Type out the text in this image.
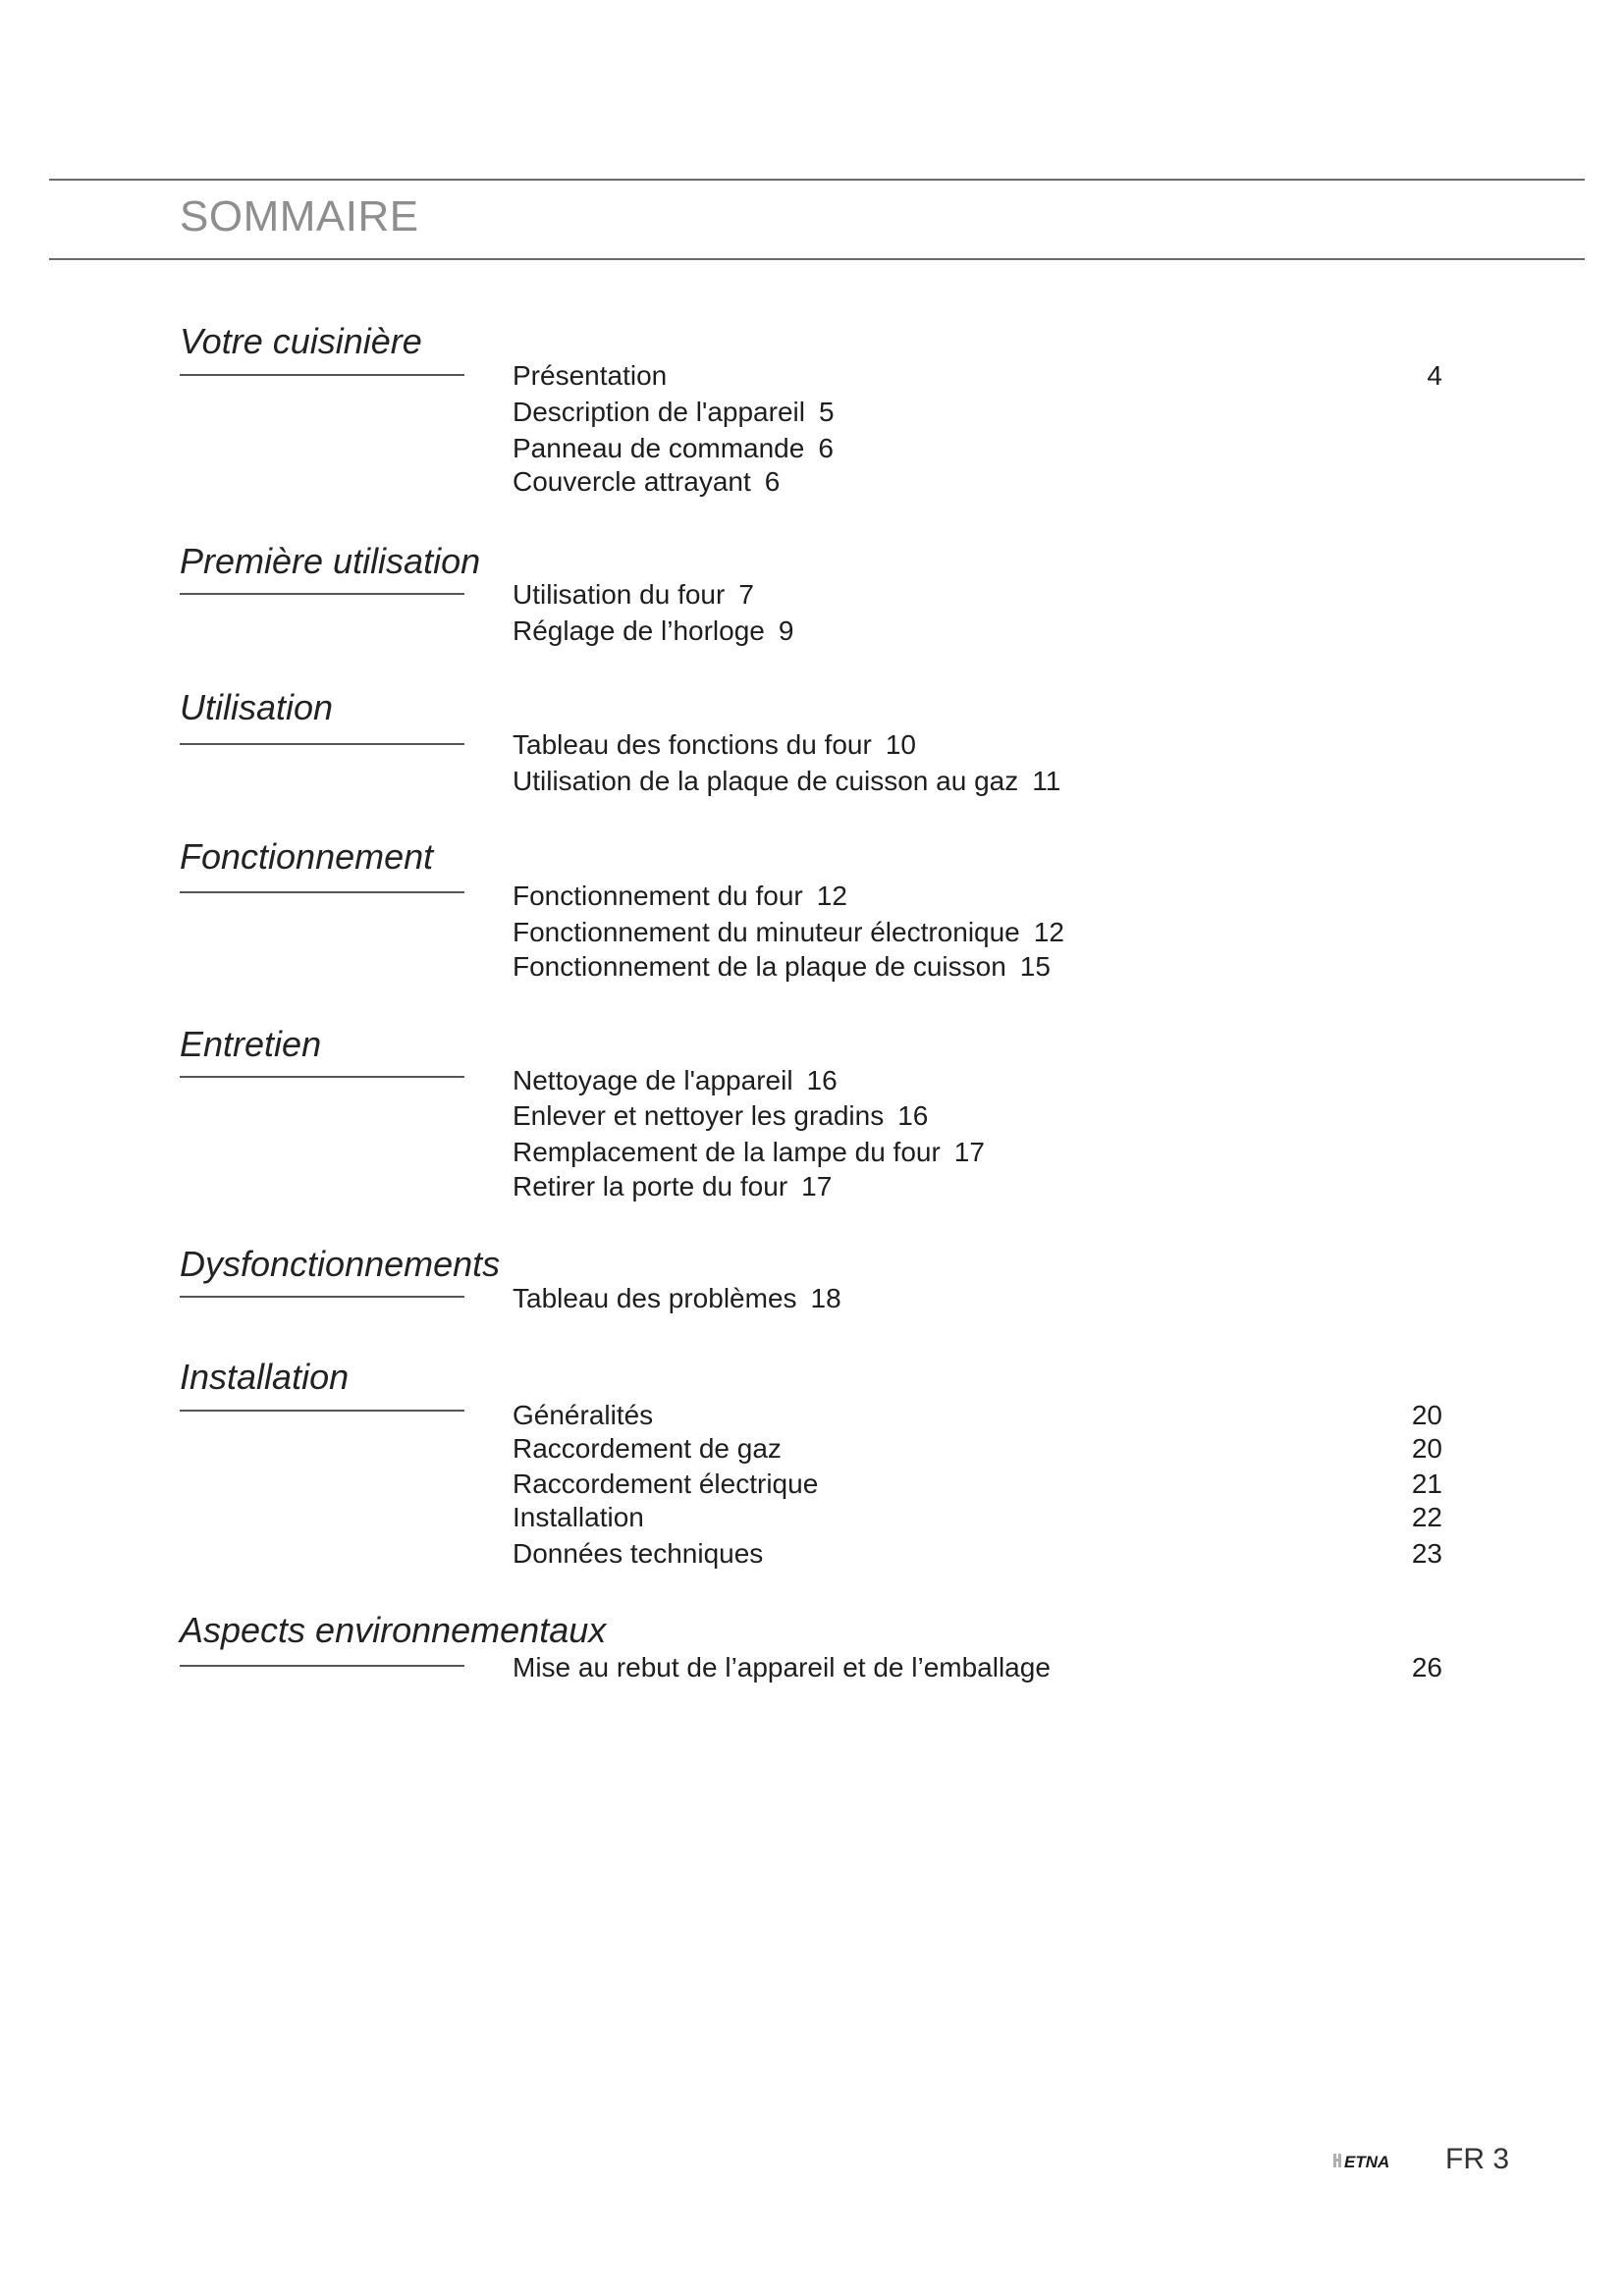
SOMMAIRE
Votre cuisinière
Présentation	4
Description de l'appareil 5
Panneau de commande 6
Couvercle attrayant 6
Première utilisation
Utilisation du four 7
Réglage de l’horloge 9
Utilisation
Tableau des fonctions du four 10
Utilisation de la plaque de cuisson au gaz 11
Fonctionnement
Fonctionnement du four 12
Fonctionnement du minuteur électronique 12
Fonctionnement de la plaque de cuisson 15
Entretien
Nettoyage de l'appareil 16
Enlever et nettoyer les gradins 16
Remplacement de la lampe du four 17
Retirer la porte du four 17
Dysfonctionnements
Tableau des problèmes 18
Installation
Généralités	20
Raccordement de gaz	20
Raccordement électrique	21
Installation	22
Données techniques	23
Aspects environnementaux
Mise au rebut de l’appareil et de l’emballage	26
ETNA FR 3
